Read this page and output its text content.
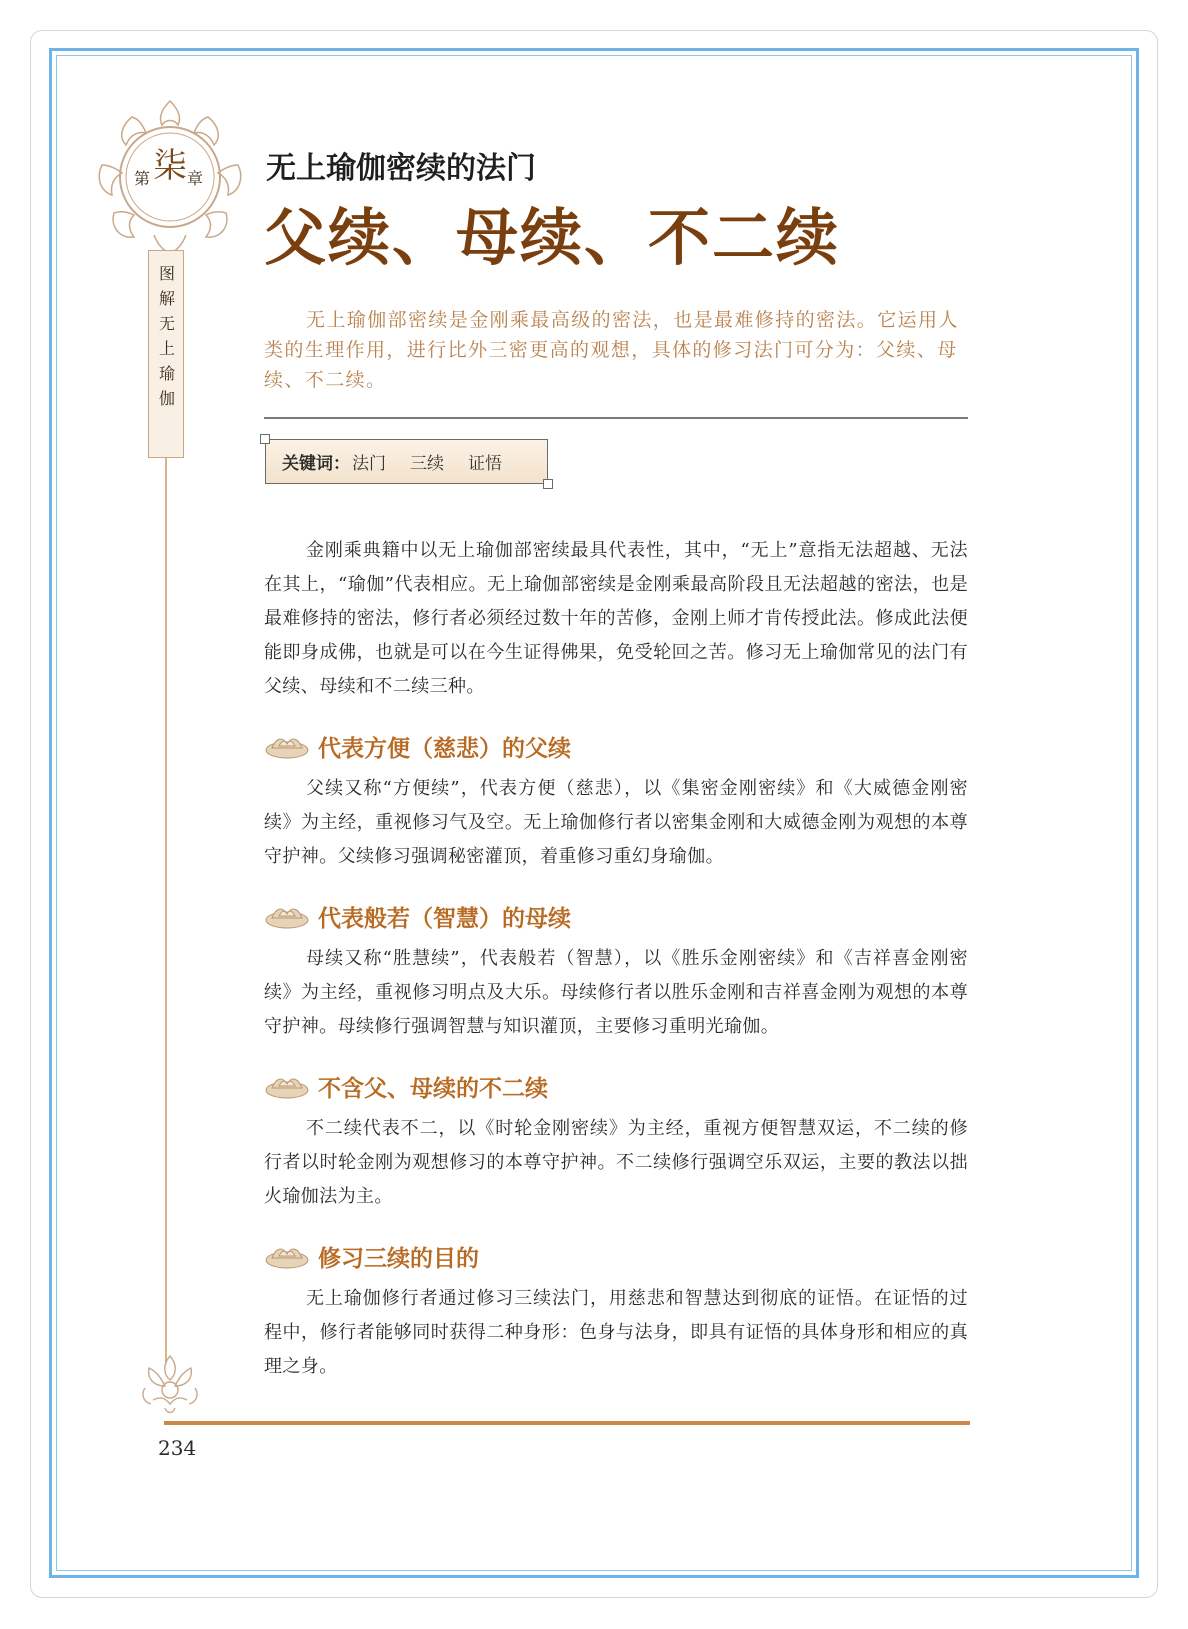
第 柒 章
图解无上瑜伽
无上瑜伽密续的法门
父续、母续、不二续

无上瑜伽部密续是金刚乘最高级的密法，也是最难修持的密法。它运用人类的生理作用，进行比外三密更高的观想，具体的修习法门可分为：父续、母续、不二续。

关键词： 法门 三续 证悟

金刚乘典籍中以无上瑜伽部密续最具代表性，其中，“无上”意指无法超越、无法在其上，“瑜伽”代表相应。无上瑜伽部密续是金刚乘最高阶段且无法超越的密法，也是最难修持的密法，修行者必须经过数十年的苦修，金刚上师才肯传授此法。修成此法便能即身成佛，也就是可以在今生证得佛果，免受轮回之苦。修习无上瑜伽常见的法门有父续、母续和不二续三种。

代表方便（慈悲）的父续

父续又称“方便续”，代表方便（慈悲），以《集密金刚密续》和《大威德金刚密续》为主经，重视修习气及空。无上瑜伽修行者以密集金刚和大威德金刚为观想的本尊守护神。父续修习强调秘密灌顶，着重修习重幻身瑜伽。

代表般若（智慧）的母续

母续又称“胜慧续”，代表般若（智慧），以《胜乐金刚密续》和《吉祥喜金刚密续》为主经，重视修习明点及大乐。母续修行者以胜乐金刚和吉祥喜金刚为观想的本尊守护神。母续修行强调智慧与知识灌顶，主要修习重明光瑜伽。

不含父、母续的不二续

不二续代表不二，以《时轮金刚密续》为主经，重视方便智慧双运，不二续的修行者以时轮金刚为观想修习的本尊守护神。不二续修行强调空乐双运，主要的教法以拙火瑜伽法为主。

修习三续的目的

无上瑜伽修行者通过修习三续法门，用慈悲和智慧达到彻底的证悟。在证悟的过程中，修行者能够同时获得二种身形：色身与法身，即具有证悟的具体身形和相应的真理之身。

234
